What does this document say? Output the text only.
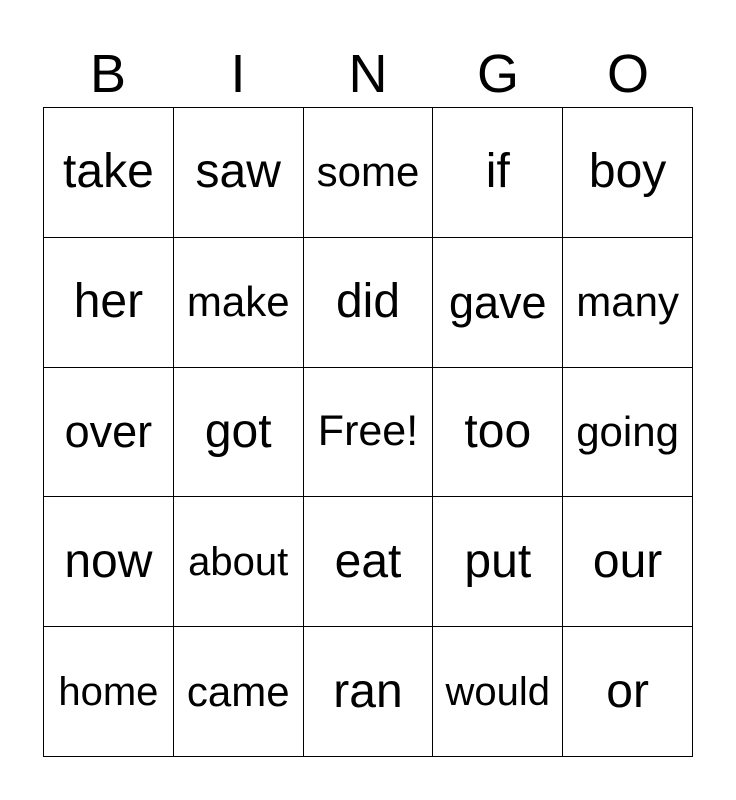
B	I	N	G	O
take saw some if boy
her make did gave many
over got Free! too going
now about eat put our
home came ran would or
